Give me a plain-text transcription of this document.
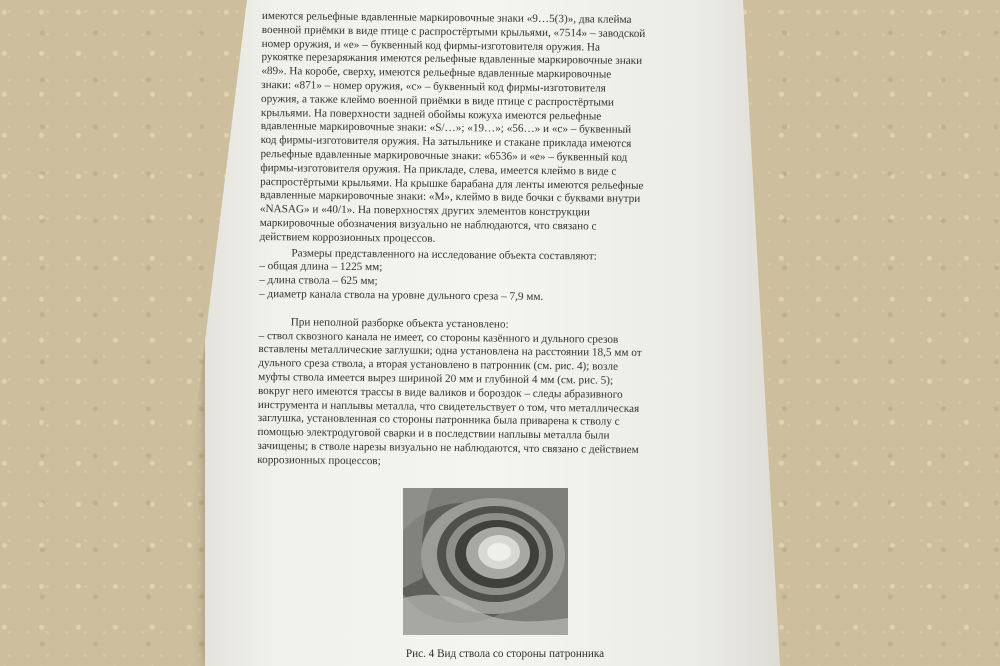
имеются рельефные вдавленные маркировочные знаки «9…5(3)», два клейма
военной приёмки в виде птице с распростёртыми крыльями, «7514» – заводской
номер оружия, и «е» – буквенный код фирмы-изготовителя оружия. На
рукоятке перезаряжания имеются рельефные вдавленные маркировочные знаки
«89». На коробе, сверху, имеются рельефные вдавленные маркировочные
знаки: «871» – номер оружия, «с» – буквенный код фирмы-изготовителя
оружия, а также клеймо военной приёмки в виде птице с распростёртыми
крыльями. На поверхности задней обоймы кожуха имеются рельефные
вдавленные маркировочные знаки: «S/…»; «19…»; «56…» и «с» – буквенный
код фирмы-изготовителя оружия. На затыльнике и стакане приклада имеются
рельефные вдавленные маркировочные знаки: «6536» и «е» – буквенный код
фирмы-изготовителя оружия. На прикладе, слева, имеется клеймо в виде с
распростёртыми крыльями. На крышке барабана для ленты имеются рельефные
вдавленные маркировочные знаки: «М», клеймо в виде бочки с буквами внутри
«NASAG» и «40/1». На поверхностях других элементов конструкции
маркировочные обозначения визуально не наблюдаются, что связано с
действием коррозионных процессов.
Размеры представленного на исследование объекта составляют:
– общая длина – 1225 мм;
– длина ствола – 625 мм;
– диаметр канала ствола на уровне дульного среза – 7,9 мм.
При неполной разборке объекта установлено:
– ствол сквозного канала не имеет, со стороны казённого и дульного срезов
вставлены металлические заглушки; одна установлена на расстоянии 18,5 мм от
дульного среза ствола, а вторая установлено в патронник (см. рис. 4); возле
муфты ствола имеется вырез шириной 20 мм и глубиной 4 мм (см. рис. 5);
вокруг него имеются трассы в виде валиков и бороздок – следы абразивного
инструмента и наплывы металла, что свидетельствует о том, что металлическая
заглушка, установленная со стороны патронника была приварена к стволу с
помощью электродуговой сварки и в последствии наплывы металла были
зачищены; в стволе нарезы визуально не наблюдаются, что связано с действием
коррозионных процессов;
Рис. 4 Вид ствола со стороны патронника
